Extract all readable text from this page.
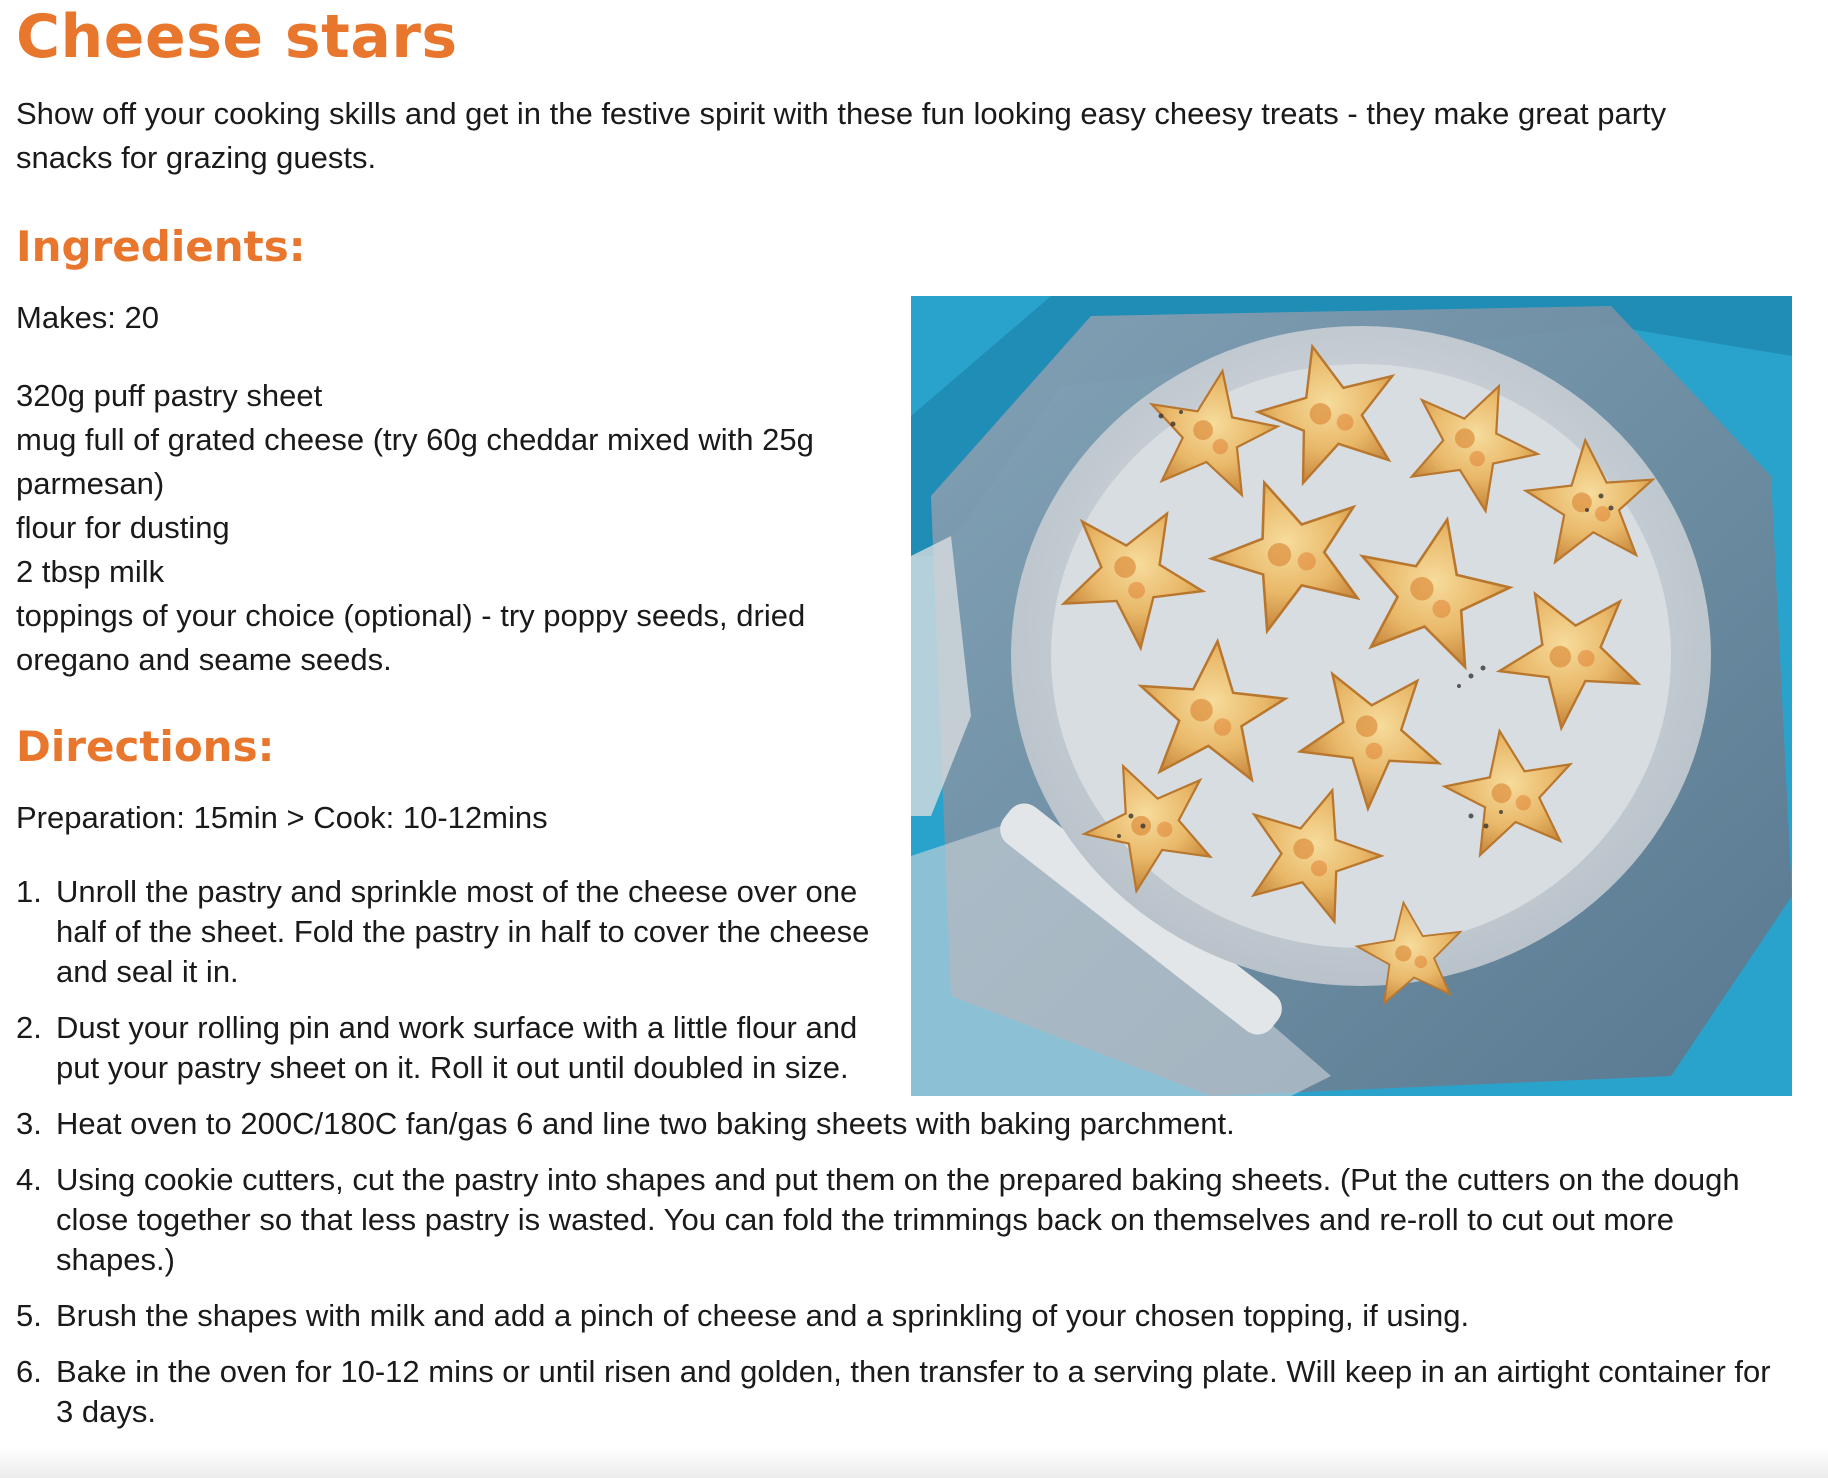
Cheese stars

Show off your cooking skills and get in the festive spirit with these fun looking easy cheesy treats - they make great party snacks for grazing guests.

Ingredients:

Makes: 20

320g puff pastry sheet
mug full of grated cheese (try 60g cheddar mixed with 25g parmesan)
flour for dusting
2 tbsp milk
toppings of your choice (optional) - try poppy seeds, dried oregano and seame seeds.
Directions:

Preparation: 15min > Cook: 10-12mins

1. Unroll the pastry and sprinkle most of the cheese over one half of the sheet. Fold the pastry in half to cover the cheese and seal it in.
2. Dust your rolling pin and work surface with a little flour and put your pastry sheet on it. Roll it out until doubled in size.
3. Heat oven to 200C/180C fan/gas 6 and line two baking sheets with baking parchment.
4. Using cookie cutters, cut the pastry into shapes and put them on the prepared baking sheets. (Put the cutters on the dough close together so that less pastry is wasted. You can fold the trimmings back on themselves and re-roll to cut out more shapes.)
5. Brush the shapes with milk and add a pinch of cheese and a sprinkling of your chosen topping, if using.
6. Bake in the oven for 10-12 mins or until risen and golden, then transfer to a serving plate. Will keep in an airtight container for 3 days.
